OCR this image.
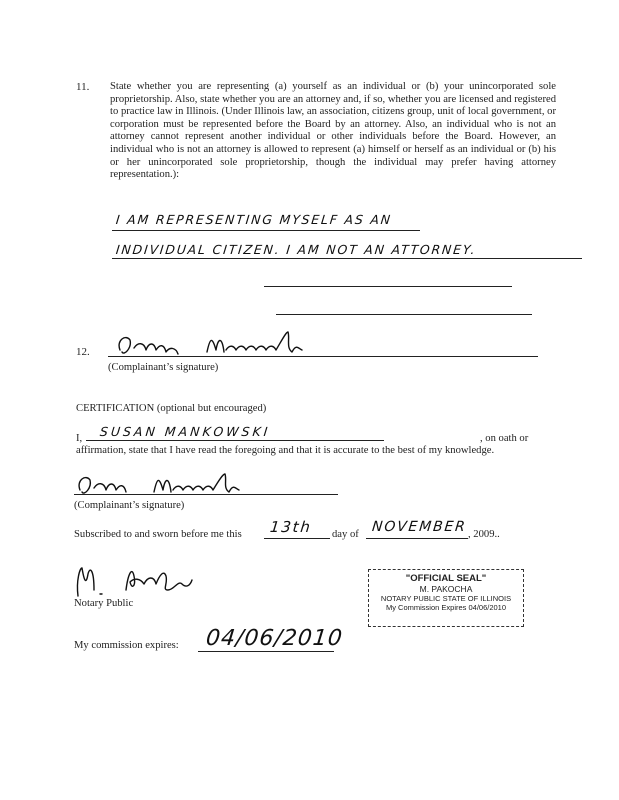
11. State whether you are representing (a) yourself as an individual or (b) your unincorporated sole proprietorship. Also, state whether you are an attorney and, if so, whether you are licensed and registered to practice law in Illinois. (Under Illinois law, an association, citizens group, unit of local government, or corporation must be represented before the Board by an attorney. Also, an individual who is not an attorney cannot represent another individual or other individuals before the Board. However, an individual who is not an attorney is allowed to represent (a) himself or herself as an individual or (b) his or her unincorporated sole proprietorship, though the individual may prefer having attorney representation.):
I AM REPRESENTING MYSELF AS AN
INDIVIDUAL CITIZEN. I AM NOT AN ATTORNEY.
12.
(Complainant’s signature)
CERTIFICATION (optional but encouraged)
I, SUSAN MANKOWSKI	, on oath or
affirmation, state that I have read the foregoing and that it is accurate to the best of my knowledge.
(Complainant’s signature)
Subscribed to and sworn before me this 13th day of NOVEMBER , 2009..
Notary Public
"OFFICIAL SEAL"
M. PAKOCHA
NOTARY PUBLIC STATE OF ILLINOIS
My Commission Expires 04/06/2010
My commission expires: 04/06/2010
